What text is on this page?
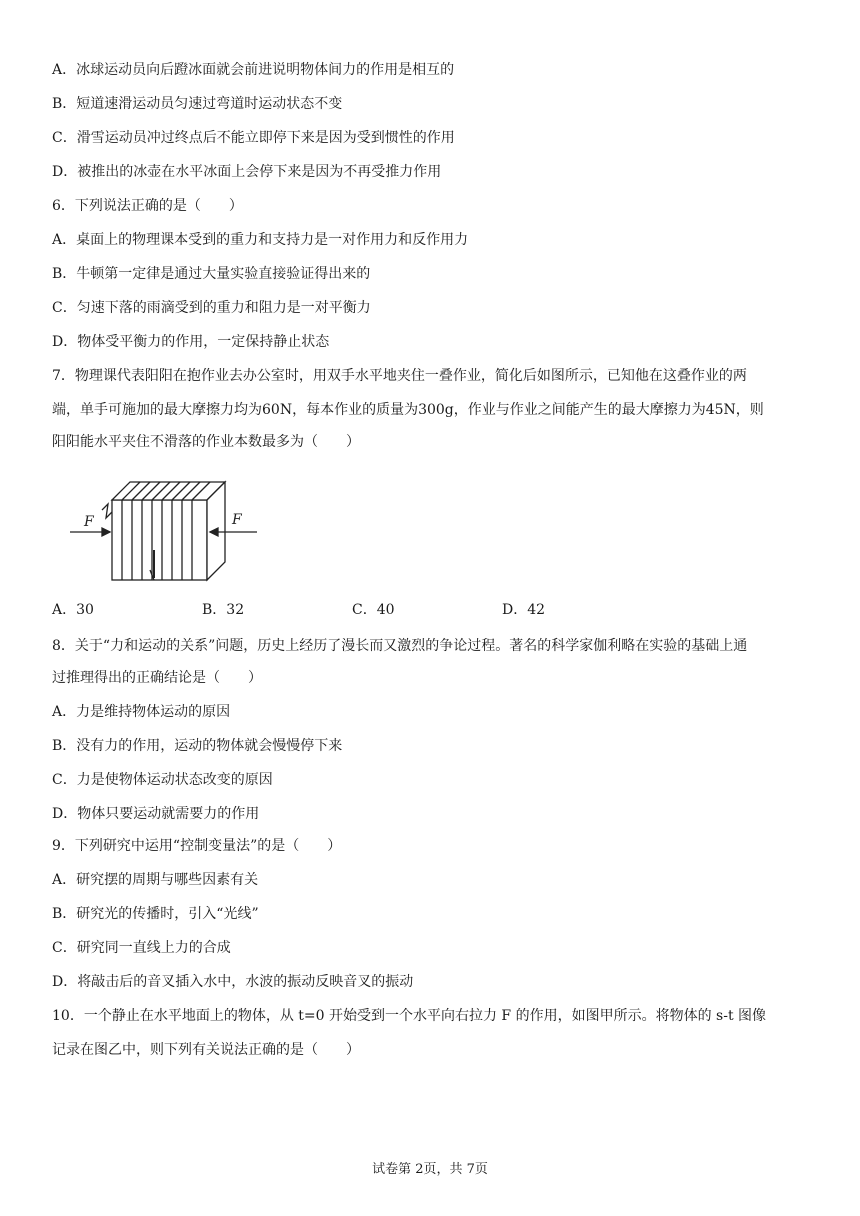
A．冰球运动员向后蹬冰面就会前进说明物体间力的作用是相互的
B．短道速滑运动员匀速过弯道时运动状态不变
C．滑雪运动员冲过终点后不能立即停下来是因为受到惯性的作用
D．被推出的冰壶在水平冰面上会停下来是因为不再受推力作用
6．下列说法正确的是（　　）
A．桌面上的物理课本受到的重力和支持力是一对作用力和反作用力
B．牛顿第一定律是通过大量实验直接验证得出来的
C．匀速下落的雨滴受到的重力和阻力是一对平衡力
D．物体受平衡力的作用，一定保持静止状态
7．物理课代表阳阳在抱作业去办公室时，用双手水平地夹住一叠作业，简化后如图所示，已知他在这叠作业的两
端，单手可施加的最大摩擦力均为60N，每本作业的质量为300g，作业与作业之间能产生的最大摩擦力为45N，则
阳阳能水平夹住不滑落的作业本数最多为（　　）
F	F
A．30	B．32	C．40	D．42
8．关于“力和运动的关系”问题，历史上经历了漫长而又激烈的争论过程。著名的科学家伽利略在实验的基础上通
过推理得出的正确结论是（　　）
A．力是维持物体运动的原因
B．没有力的作用，运动的物体就会慢慢停下来
C．力是使物体运动状态改变的原因
D．物体只要运动就需要力的作用
9．下列研究中运用“控制变量法”的是（　　）
A．研究摆的周期与哪些因素有关
B．研究光的传播时，引入“光线”
C．研究同一直线上力的合成
D．将敲击后的音叉插入水中，水波的振动反映音叉的振动
10．一个静止在水平地面上的物体，从 t=0 开始受到一个水平向右拉力 F 的作用，如图甲所示。将物体的 s-t 图像
记录在图乙中，则下列有关说法正确的是（　　）
试卷第 2页，共 7页
